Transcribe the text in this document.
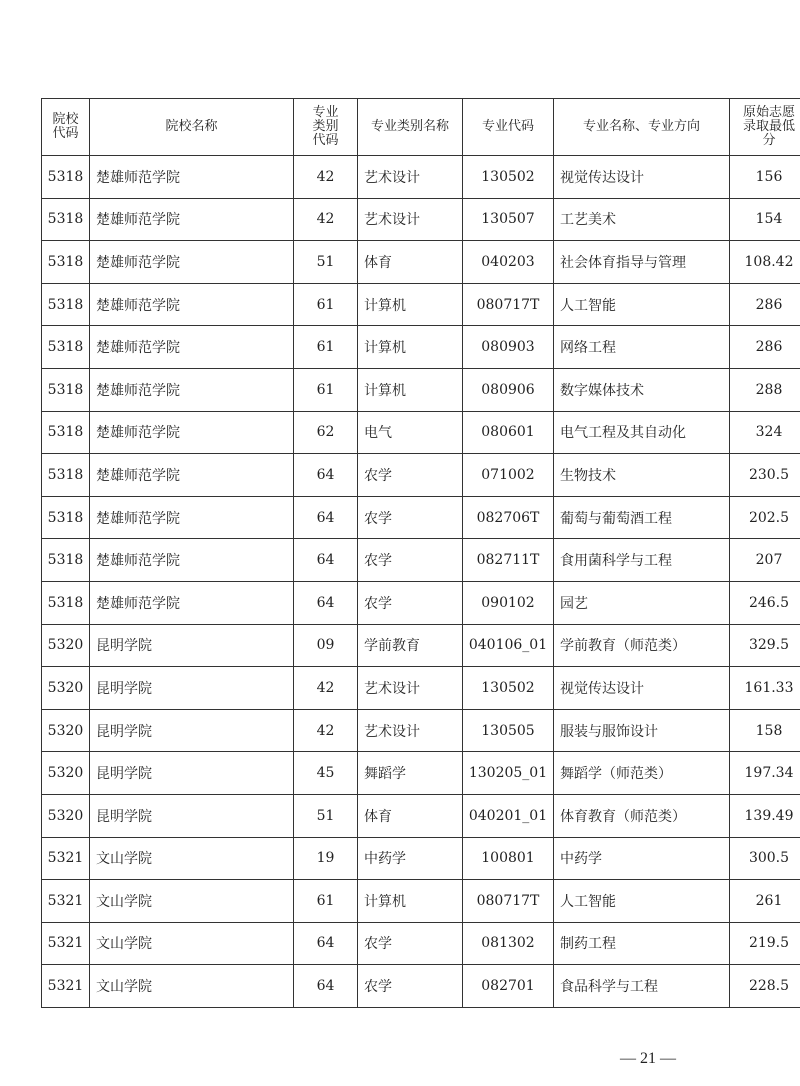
院校代码	院校名称	专业类别代码	专业类别名称	专业代码	专业名称、专业方向	原始志愿录取最低分

5318	楚雄师范学院	42	艺术设计	130502	视觉传达设计	156
5318	楚雄师范学院	42	艺术设计	130507	工艺美术	154
5318	楚雄师范学院	51	体育	040203	社会体育指导与管理	108.42
5318	楚雄师范学院	61	计算机	080717T	人工智能	286
5318	楚雄师范学院	61	计算机	080903	网络工程	286
5318	楚雄师范学院	61	计算机	080906	数字媒体技术	288
5318	楚雄师范学院	62	电气	080601	电气工程及其自动化	324
5318	楚雄师范学院	64	农学	071002	生物技术	230.5
5318	楚雄师范学院	64	农学	082706T	葡萄与葡萄酒工程	202.5
5318	楚雄师范学院	64	农学	082711T	食用菌科学与工程	207
5318	楚雄师范学院	64	农学	090102	园艺	246.5
5320	昆明学院	09	学前教育	040106_01	学前教育（师范类）	329.5
5320	昆明学院	42	艺术设计	130502	视觉传达设计	161.33
5320	昆明学院	42	艺术设计	130505	服装与服饰设计	158
5320	昆明学院	45	舞蹈学	130205_01	舞蹈学（师范类）	197.34
5320	昆明学院	51	体育	040201_01	体育教育（师范类）	139.49
5321	文山学院	19	中药学	100801	中药学	300.5
5321	文山学院	61	计算机	080717T	人工智能	261
5321	文山学院	64	农学	081302	制药工程	219.5
5321	文山学院	64	农学	082701	食品科学与工程	228.5
— 21 —
